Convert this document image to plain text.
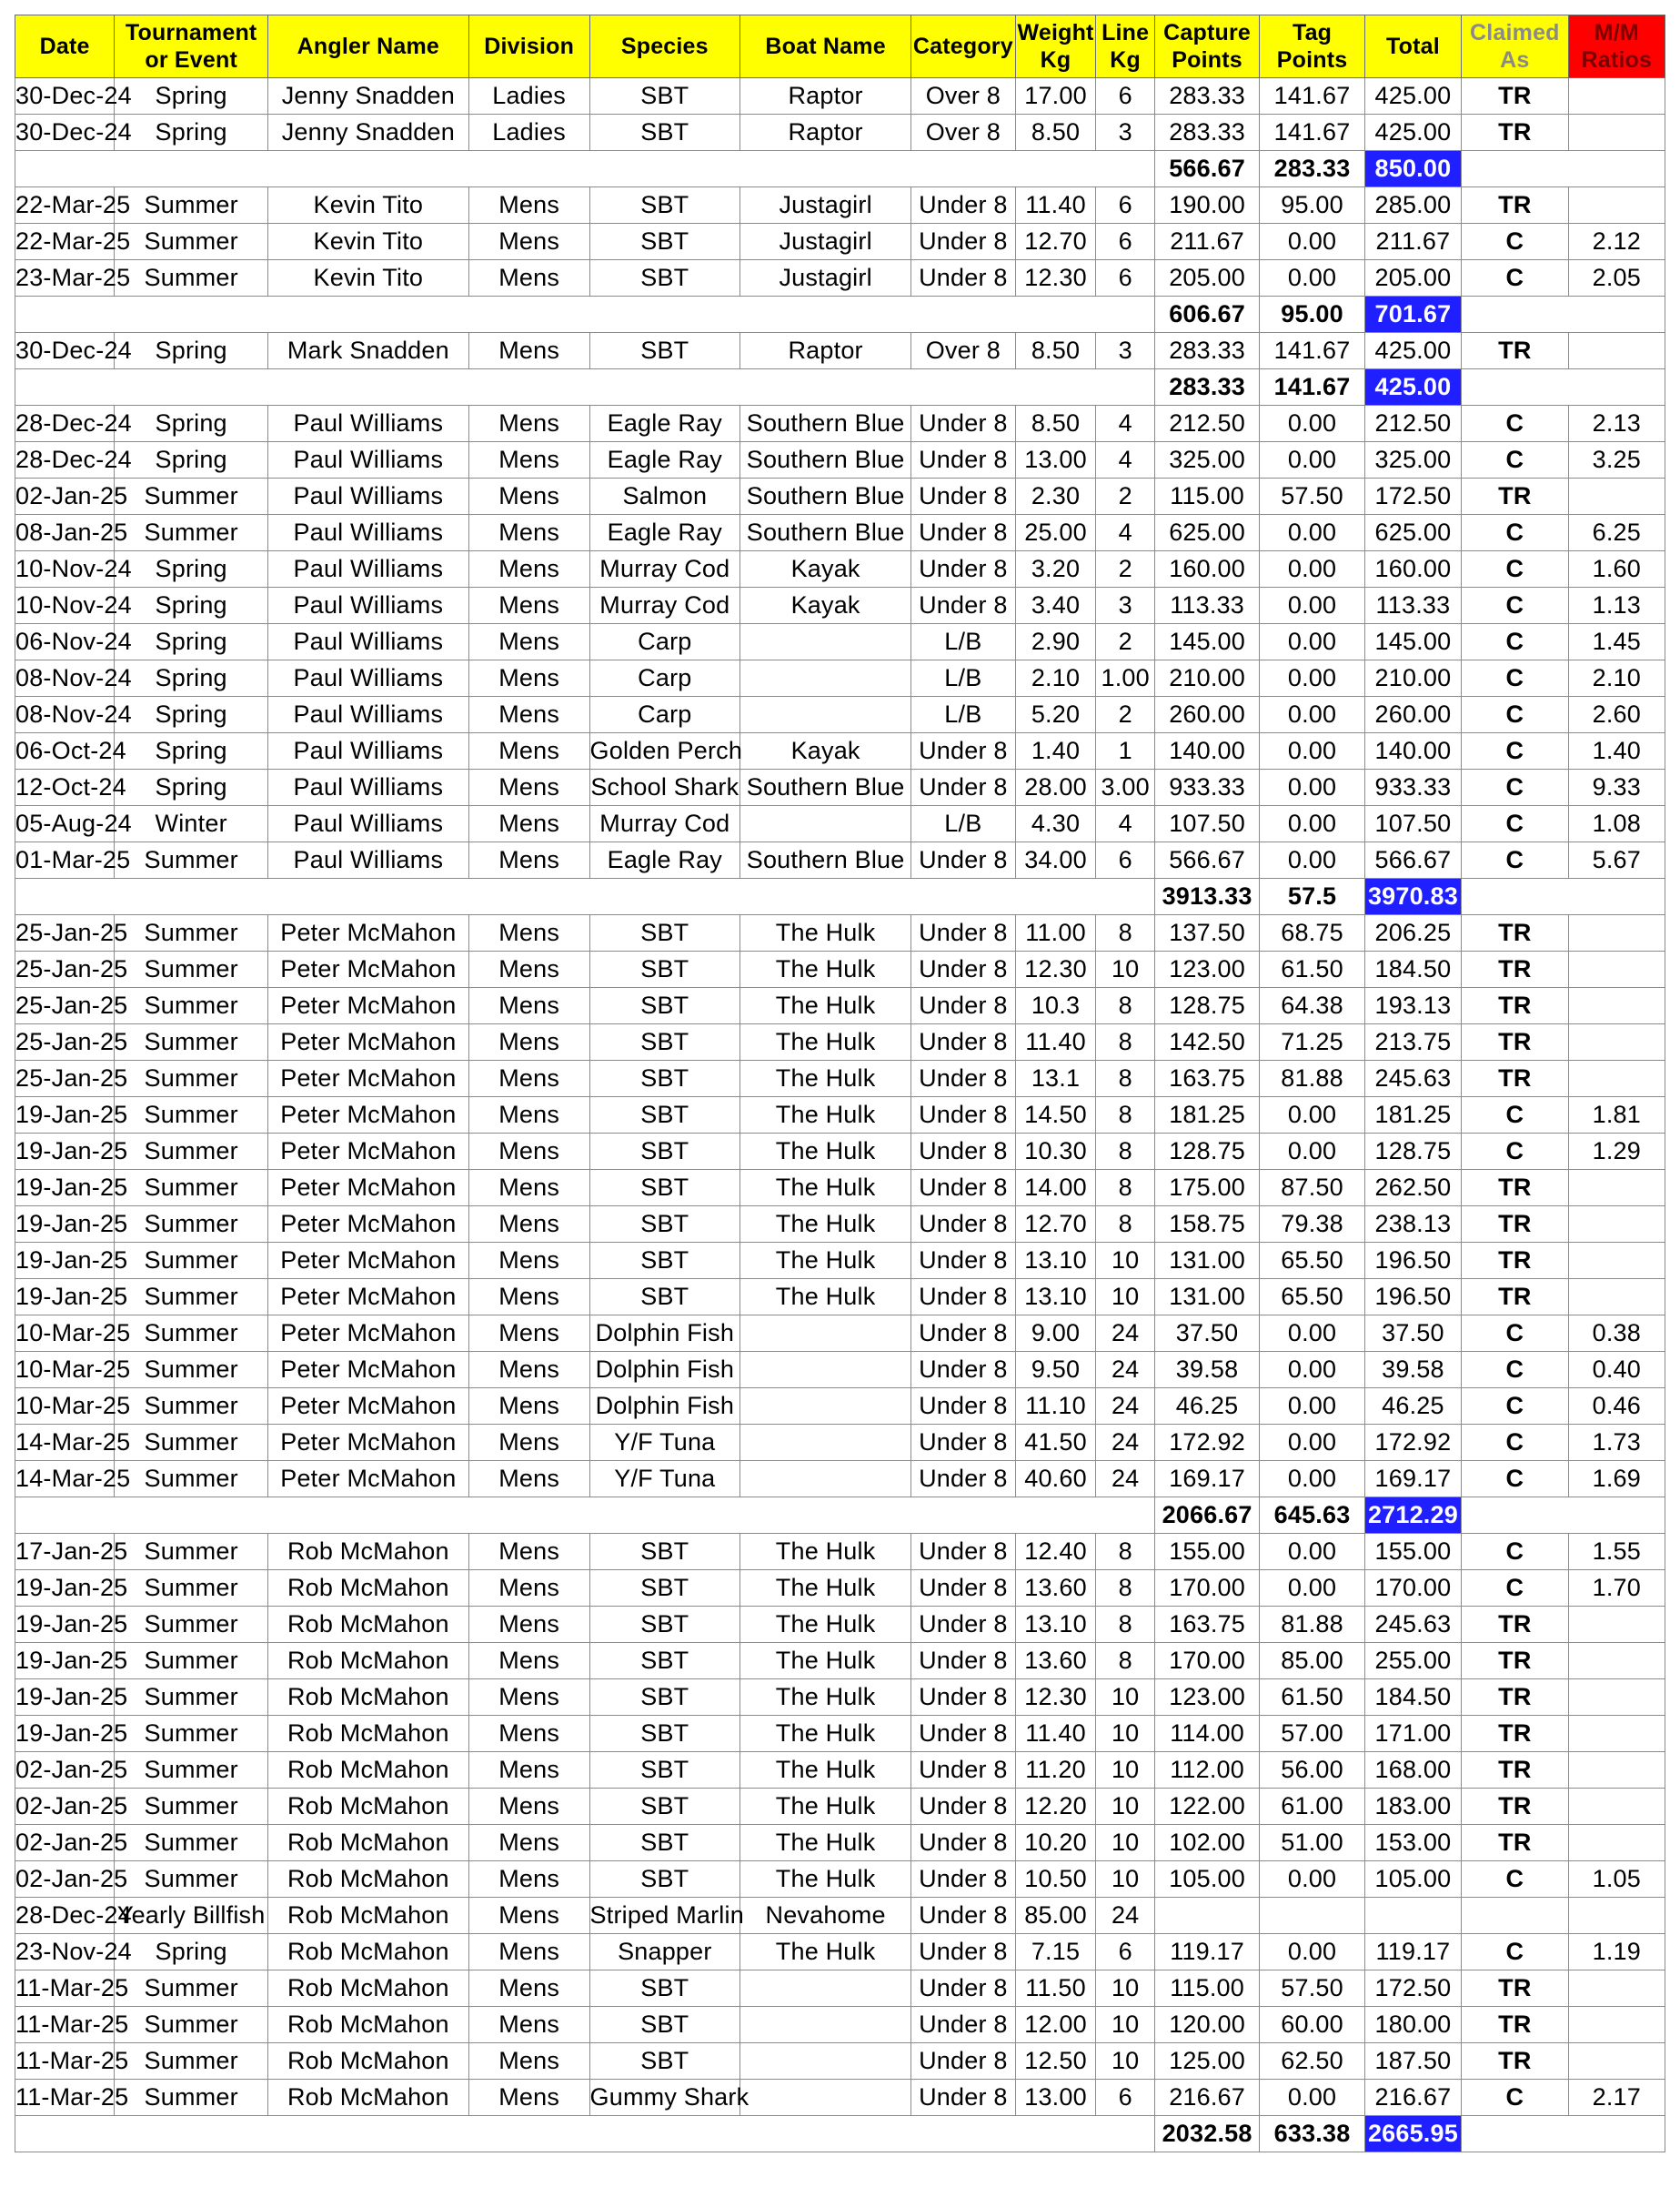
Date	Tournament or Event	Angler Name	Division	Species	Boat Name	Category	Weight Kg	Line Kg	Capture Points	Tag Points	Total	Claimed As	M/M Ratios
30-Dec-24	Spring	Jenny Snadden	Ladies	SBT	Raptor	Over 8	17.00	6	283.33	141.67	425.00	TR	
30-Dec-24	Spring	Jenny Snadden	Ladies	SBT	Raptor	Over 8	8.50	3	283.33	141.67	425.00	TR	
									566.67	283.33	850.00		
22-Mar-25	Summer	Kevin Tito	Mens	SBT	Justagirl	Under 8	11.40	6	190.00	95.00	285.00	TR	
22-Mar-25	Summer	Kevin Tito	Mens	SBT	Justagirl	Under 8	12.70	6	211.67	0.00	211.67	C	2.12
23-Mar-25	Summer	Kevin Tito	Mens	SBT	Justagirl	Under 8	12.30	6	205.00	0.00	205.00	C	2.05
									606.67	95.00	701.67		
30-Dec-24	Spring	Mark Snadden	Mens	SBT	Raptor	Over 8	8.50	3	283.33	141.67	425.00	TR	
									283.33	141.67	425.00		
28-Dec-24	Spring	Paul Williams	Mens	Eagle Ray	Southern Blue	Under 8	8.50	4	212.50	0.00	212.50	C	2.13
28-Dec-24	Spring	Paul Williams	Mens	Eagle Ray	Southern Blue	Under 8	13.00	4	325.00	0.00	325.00	C	3.25
02-Jan-25	Summer	Paul Williams	Mens	Salmon	Southern Blue	Under 8	2.30	2	115.00	57.50	172.50	TR	
08-Jan-25	Summer	Paul Williams	Mens	Eagle Ray	Southern Blue	Under 8	25.00	4	625.00	0.00	625.00	C	6.25
10-Nov-24	Spring	Paul Williams	Mens	Murray Cod	Kayak	Under 8	3.20	2	160.00	0.00	160.00	C	1.60
10-Nov-24	Spring	Paul Williams	Mens	Murray Cod	Kayak	Under 8	3.40	3	113.33	0.00	113.33	C	1.13
06-Nov-24	Spring	Paul Williams	Mens	Carp		L/B	2.90	2	145.00	0.00	145.00	C	1.45
08-Nov-24	Spring	Paul Williams	Mens	Carp		L/B	2.10	1.00	210.00	0.00	210.00	C	2.10
08-Nov-24	Spring	Paul Williams	Mens	Carp		L/B	5.20	2	260.00	0.00	260.00	C	2.60
06-Oct-24	Spring	Paul Williams	Mens	Golden Perch	Kayak	Under 8	1.40	1	140.00	0.00	140.00	C	1.40
12-Oct-24	Spring	Paul Williams	Mens	School Shark	Southern Blue	Under 8	28.00	3.00	933.33	0.00	933.33	C	9.33
05-Aug-24	Winter	Paul Williams	Mens	Murray Cod		L/B	4.30	4	107.50	0.00	107.50	C	1.08
01-Mar-25	Summer	Paul Williams	Mens	Eagle Ray	Southern Blue	Under 8	34.00	6	566.67	0.00	566.67	C	5.67
									3913.33	57.5	3970.83		
25-Jan-25	Summer	Peter McMahon	Mens	SBT	The Hulk	Under 8	11.00	8	137.50	68.75	206.25	TR	
25-Jan-25	Summer	Peter McMahon	Mens	SBT	The Hulk	Under 8	12.30	10	123.00	61.50	184.50	TR	
25-Jan-25	Summer	Peter McMahon	Mens	SBT	The Hulk	Under 8	10.3	8	128.75	64.38	193.13	TR	
25-Jan-25	Summer	Peter McMahon	Mens	SBT	The Hulk	Under 8	11.40	8	142.50	71.25	213.75	TR	
25-Jan-25	Summer	Peter McMahon	Mens	SBT	The Hulk	Under 8	13.1	8	163.75	81.88	245.63	TR	
19-Jan-25	Summer	Peter McMahon	Mens	SBT	The Hulk	Under 8	14.50	8	181.25	0.00	181.25	C	1.81
19-Jan-25	Summer	Peter McMahon	Mens	SBT	The Hulk	Under 8	10.30	8	128.75	0.00	128.75	C	1.29
19-Jan-25	Summer	Peter McMahon	Mens	SBT	The Hulk	Under 8	14.00	8	175.00	87.50	262.50	TR	
19-Jan-25	Summer	Peter McMahon	Mens	SBT	The Hulk	Under 8	12.70	8	158.75	79.38	238.13	TR	
19-Jan-25	Summer	Peter McMahon	Mens	SBT	The Hulk	Under 8	13.10	10	131.00	65.50	196.50	TR	
19-Jan-25	Summer	Peter McMahon	Mens	SBT	The Hulk	Under 8	13.10	10	131.00	65.50	196.50	TR	
10-Mar-25	Summer	Peter McMahon	Mens	Dolphin Fish		Under 8	9.00	24	37.50	0.00	37.50	C	0.38
10-Mar-25	Summer	Peter McMahon	Mens	Dolphin Fish		Under 8	9.50	24	39.58	0.00	39.58	C	0.40
10-Mar-25	Summer	Peter McMahon	Mens	Dolphin Fish		Under 8	11.10	24	46.25	0.00	46.25	C	0.46
14-Mar-25	Summer	Peter McMahon	Mens	Y/F Tuna		Under 8	41.50	24	172.92	0.00	172.92	C	1.73
14-Mar-25	Summer	Peter McMahon	Mens	Y/F Tuna		Under 8	40.60	24	169.17	0.00	169.17	C	1.69
									2066.67	645.63	2712.29		
17-Jan-25	Summer	Rob McMahon	Mens	SBT	The Hulk	Under 8	12.40	8	155.00	0.00	155.00	C	1.55
19-Jan-25	Summer	Rob McMahon	Mens	SBT	The Hulk	Under 8	13.60	8	170.00	0.00	170.00	C	1.70
19-Jan-25	Summer	Rob McMahon	Mens	SBT	The Hulk	Under 8	13.10	8	163.75	81.88	245.63	TR	
19-Jan-25	Summer	Rob McMahon	Mens	SBT	The Hulk	Under 8	13.60	8	170.00	85.00	255.00	TR	
19-Jan-25	Summer	Rob McMahon	Mens	SBT	The Hulk	Under 8	12.30	10	123.00	61.50	184.50	TR	
19-Jan-25	Summer	Rob McMahon	Mens	SBT	The Hulk	Under 8	11.40	10	114.00	57.00	171.00	TR	
02-Jan-25	Summer	Rob McMahon	Mens	SBT	The Hulk	Under 8	11.20	10	112.00	56.00	168.00	TR	
02-Jan-25	Summer	Rob McMahon	Mens	SBT	The Hulk	Under 8	12.20	10	122.00	61.00	183.00	TR	
02-Jan-25	Summer	Rob McMahon	Mens	SBT	The Hulk	Under 8	10.20	10	102.00	51.00	153.00	TR	
02-Jan-25	Summer	Rob McMahon	Mens	SBT	The Hulk	Under 8	10.50	10	105.00	0.00	105.00	C	1.05
28-Dec-24	Yearly Billfish	Rob McMahon	Mens	Striped Marlin	Nevahome	Under 8	85.00	24					
23-Nov-24	Spring	Rob McMahon	Mens	Snapper	The Hulk	Under 8	7.15	6	119.17	0.00	119.17	C	1.19
11-Mar-25	Summer	Rob McMahon	Mens	SBT		Under 8	11.50	10	115.00	57.50	172.50	TR	
11-Mar-25	Summer	Rob McMahon	Mens	SBT		Under 8	12.00	10	120.00	60.00	180.00	TR	
11-Mar-25	Summer	Rob McMahon	Mens	SBT		Under 8	12.50	10	125.00	62.50	187.50	TR	
11-Mar-25	Summer	Rob McMahon	Mens	Gummy Shark		Under 8	13.00	6	216.67	0.00	216.67	C	2.17
									2032.58	633.38	2665.95		
